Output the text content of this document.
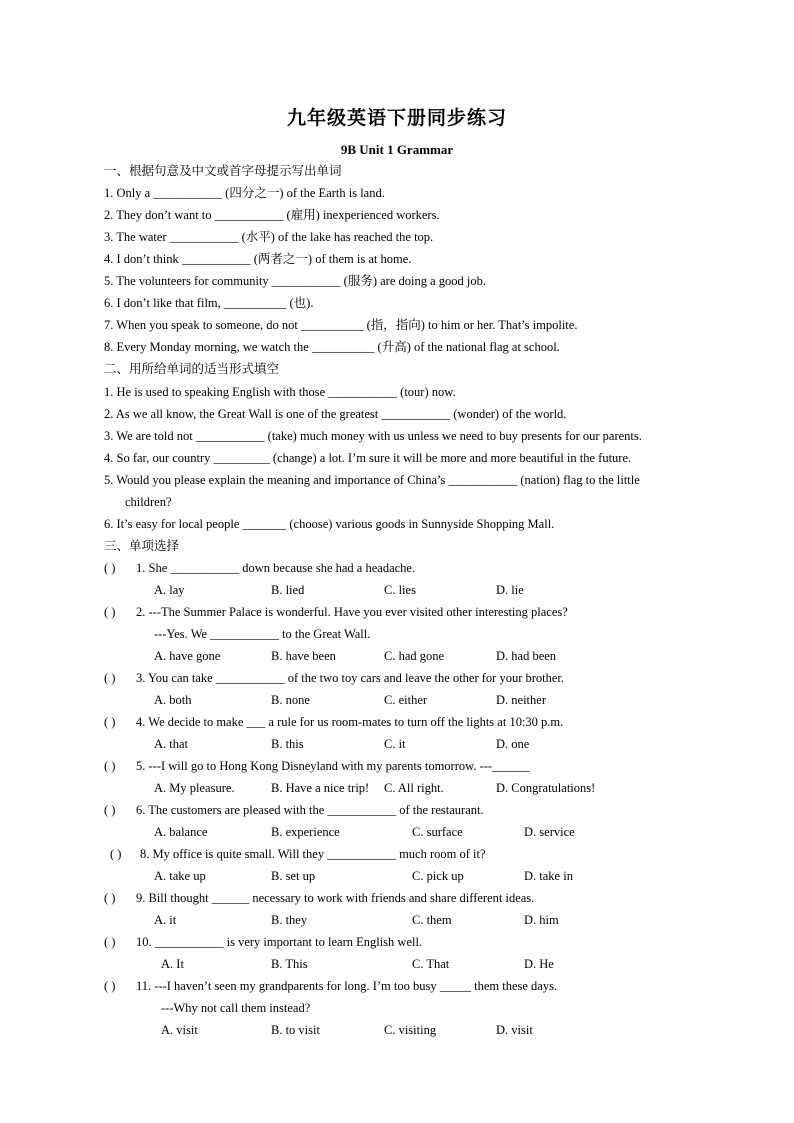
九年级英语下册同步练习
9B Unit 1 Grammar
一、根据句意及中文或首字母提示写出单词
1. Only a ___________ (四分之一) of the Earth is land.
2. They don’t want to ___________ (雇用) inexperienced workers.
3. The water ___________ (水平) of the lake has reached the top.
4. I don’t think ___________ (两者之一) of them is at home.
5. The volunteers for community ___________ (服务) are doing a good job.
6. I don’t like that film, __________ (也).
7. When you speak to someone, do not __________ (指，指向) to him or her. That’s impolite.
8. Every Monday morning, we watch the __________ (升高) of the national flag at school.
二、用所给单词的适当形式填空
1. He is used to speaking English with those ___________ (tour) now.
2. As we all know, the Great Wall is one of the greatest ___________ (wonder) of the world.
3. We are told not ___________ (take) much money with us unless we need to buy presents for our parents.
4. So far, our country _________ (change) a lot. I’m sure it will be more and more beautiful in the future.
5. Would you please explain the meaning and importance of China’s ___________ (nation) flag to the little
children?
6. It’s easy for local people _______ (choose) various goods in Sunnyside Shopping Mall.
三、单项选择
( ) 1. She ___________ down because she had a headache.
A. lay	B. lied	C. lies	D. lie
( ) 2. ---The Summer Palace is wonderful. Have you ever visited other interesting places?
---Yes. We ___________ to the Great Wall.
A. have gone	B. have been	C. had gone	D. had been
( ) 3. You can take ___________ of the two toy cars and leave the other for your brother.
A. both	B. none	C. either	D. neither
( ) 4. We decide to make ___ a rule for us room-mates to turn off the lights at 10:30 p.m.
A. that	B. this	C. it	D. one
( ) 5. ---I will go to Hong Kong Disneyland with my parents tomorrow. ---______
A. My pleasure.	B. Have a nice trip! C. All right.	D. Congratulations!
( ) 6. The customers are pleased with the ___________ of the restaurant.
A. balance	B. experience	C. surface	D. service
( ) 8. My office is quite small. Will they ___________ much room of it?
A. take up	B. set up	C. pick up	D. take in
( ) 9. Bill thought ______ necessary to work with friends and share different ideas.
A. it	B. they	C. them	D. him
( ) 10. ___________ is very important to learn English well.
A. It	B. This	C. That	D. He
( ) 11. ---I haven’t seen my grandparents for long. I’m too busy _____ them these days.
---Why not call them instead?
A. visit	B. to visit	C. visiting	D. visit
